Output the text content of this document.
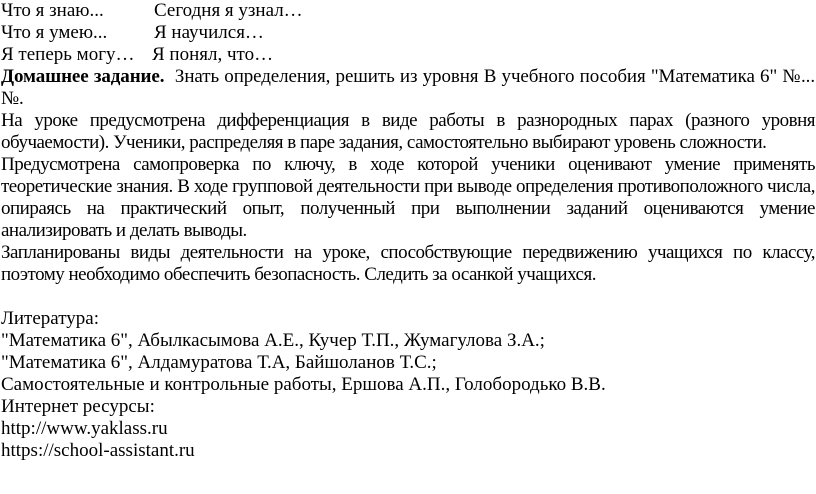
Что я знаю...	Сегодня я узнал…
Что я умею... Я научился…
Я теперь могу… Я понял, что…

Домашнее задание. Знать определения, решить из уровня В учебного пособия "Математика 6" №...№.

На уроке предусмотрена дифференциация в виде работы в разнородных парах (разного уровня обучаемости). Ученики, распределяя в паре задания, самостоятельно выбирают уровень сложности.

Предусмотрена самопроверка по ключу, в ходе которой ученики оценивают умение применять теоретические знания. В ходе групповой деятельности при выводе определения противоположного числа, опираясь на практический опыт, полученный при выполнении заданий оцениваются умение анализировать и делать выводы.

Запланированы виды деятельности на уроке, способствующие передвижению учащихся по классу, поэтому необходимо обеспечить безопасность. Следить за осанкой учащихся.

Литература:
"Математика 6", Абылкасымова А.Е., Кучер Т.П., Жумагулова З.А.;
"Математика 6", Алдамуратова Т.А, Байшоланов Т.С.;
Самостоятельные и контрольные работы, Ершова А.П., Голобородько В.В.
Интернет ресурсы:
http://www.yaklass.ru
https://school-assistant.ru
